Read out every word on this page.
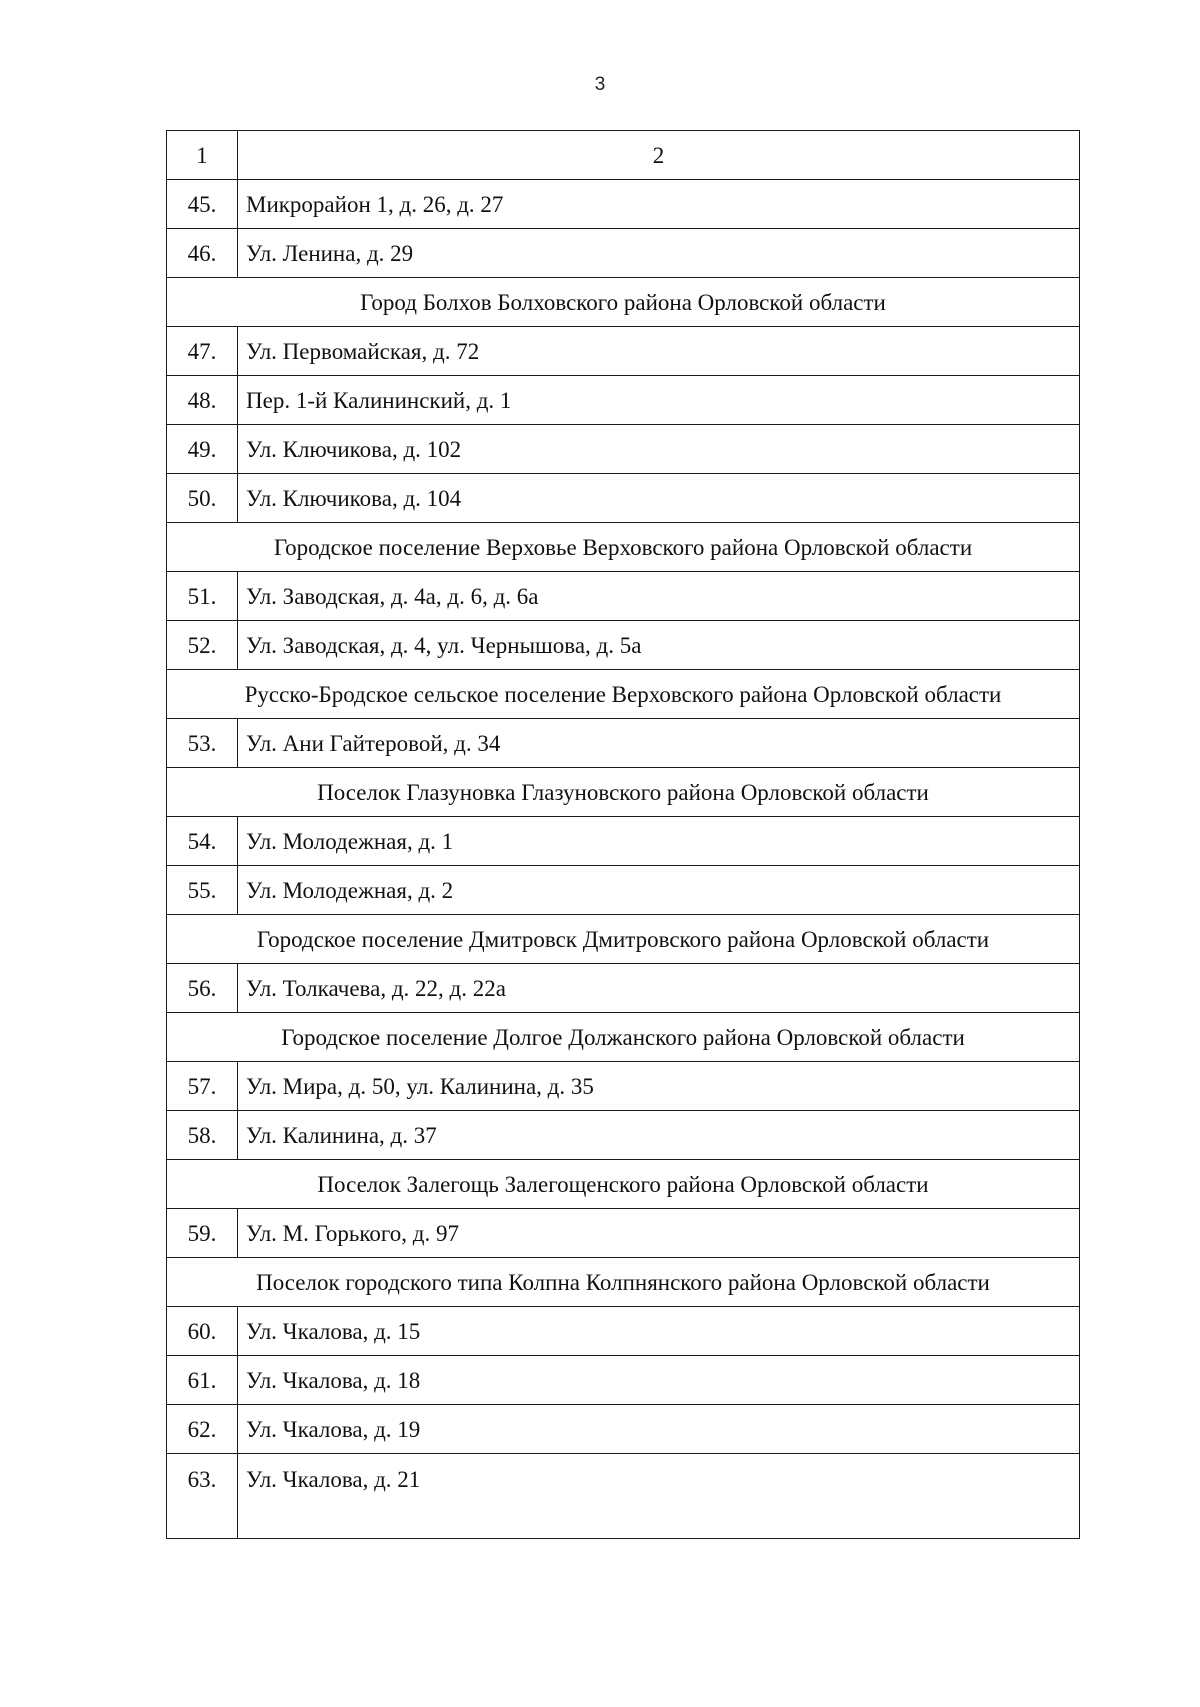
3
1	2
45.	Микрорайон 1, д. 26, д. 27
46.	Ул. Ленина, д. 29
Город Болхов Болховского района Орловской области	
47.	Ул. Первомайская, д. 72
48.	Пер. 1-й Калининский, д. 1
49.	Ул. Ключикова, д. 102
50.	Ул. Ключикова, д. 104
Городское поселение Верховье Верховского района Орловской области	
51.	Ул. Заводская, д. 4а, д. 6, д. 6а
52.	Ул. Заводская, д. 4, ул. Чернышова, д. 5а
Русско-Бродское сельское поселение Верховского района Орловской области	
53.	Ул. Ани Гайтеровой, д. 34
Поселок Глазуновка Глазуновского района Орловской области	
54.	Ул. Молодежная, д. 1
55.	Ул. Молодежная, д. 2
Городское поселение Дмитровск Дмитровского района Орловской области	
56.	Ул. Толкачева, д. 22, д. 22а
Городское поселение Долгое Должанского района Орловской области	
57.	Ул. Мира, д. 50, ул. Калинина, д. 35
58.	Ул. Калинина, д. 37
Поселок Залегощь Залегощенского района Орловской области	
59.	Ул. М. Горького, д. 97
Поселок городского типа Колпна Колпнянского района Орловской области	
60.	Ул. Чкалова, д. 15
61.	Ул. Чкалова, д. 18
62.	Ул. Чкалова, д. 19
63.	Ул. Чкалова, д. 21
